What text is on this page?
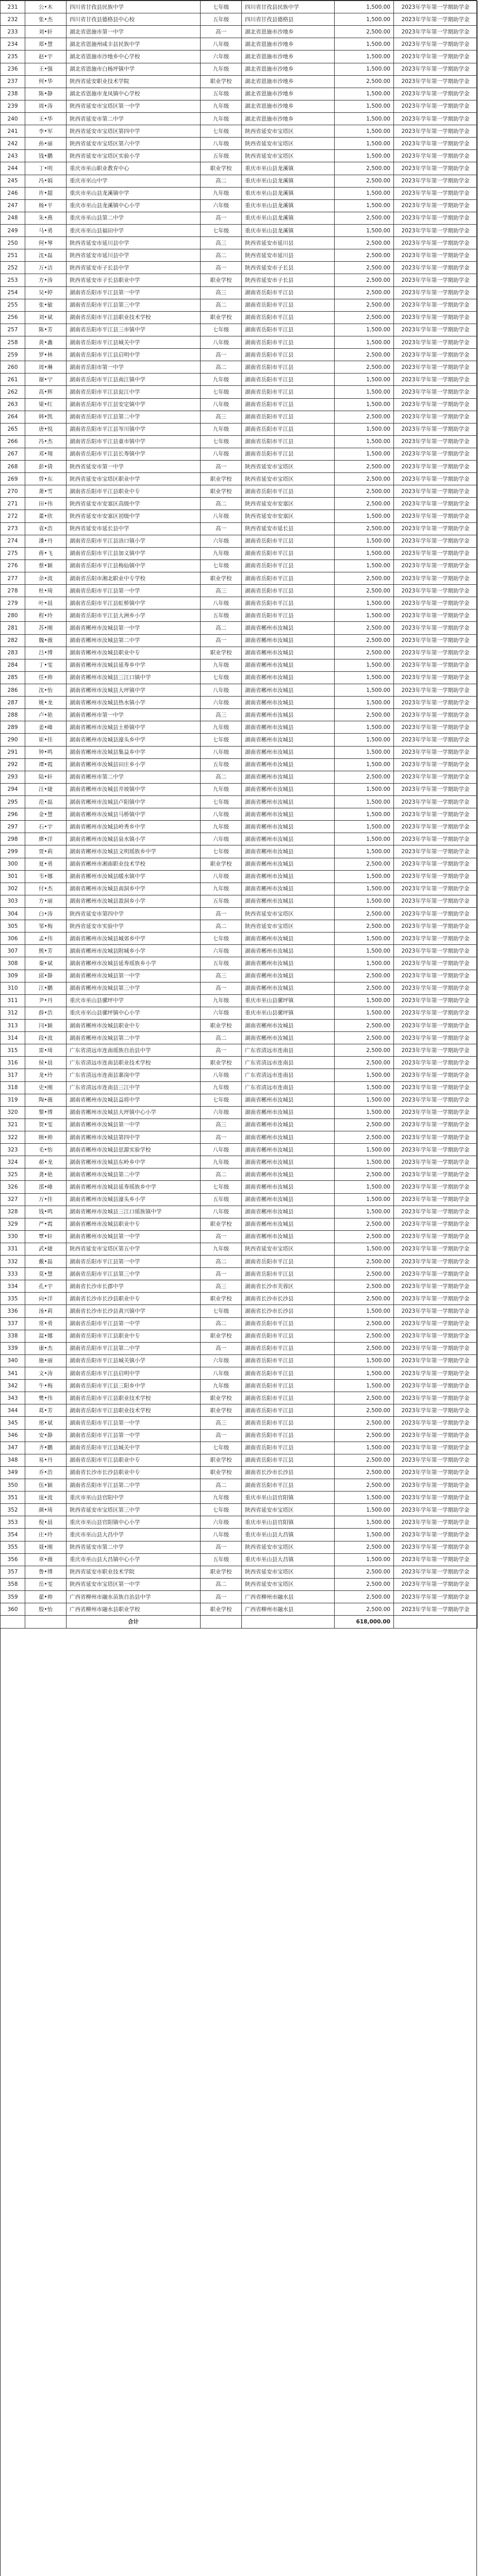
231	公•木	四川省甘孜县民族中学	七年级	四川省甘孜县民族中学	1,500.00	2023年学年第一学期助学金
232	张•杰	四川省甘孜县德格县中心校	五年级	四川省甘孜县德格县	1,500.00	2023年学年第一学期助学金
233	刘•轩	湖北省恩施市第一中学	高一	湖北省恩施市沙地乡	2,500.00	2023年学年第一学期助学金
234	郑•慧	湖北省恩施州咸丰县民族中学	八年级	湖北省恩施市沙地乡	1,500.00	2023年学年第一学期助学金
235	赵•宇	湖北省恩施市沙地乡中心学校	六年级	湖北省恩施市沙地乡	1,500.00	2023年学年第一学期助学金
236	王•强	湖北省恩施市白杨坪镇中学	九年级	湖北省恩施市沙地乡	1,500.00	2023年学年第一学期助学金
237	何•华	陕西省延安职业技术学院	职业学校	湖北省恩施市沙地乡	2,500.00	2023年学年第一学期助学金
238	陈•静	湖北省恩施市龙凤镇中心学校	五年级	湖北省恩施市沙地乡	1,500.00	2023年学年第一学期助学金
239	周•涛	陕西省延安市宝塔区第一中学	九年级	湖北省恩施市沙地乡	1,500.00	2023年学年第一学期助学金
240	王•华	陕西省延安市第二中学	九年级	湖北省恩施市沙地乡	1,500.00	2023年学年第一学期助学金
241	李•军	陕西省延安市宝塔区第四中学	七年级	陕西省延安市宝塔区	1,500.00	2023年学年第一学期助学金
242	孙•丽	陕西省延安市宝塔区第六中学	八年级	陕西省延安市宝塔区	1,500.00	2023年学年第一学期助学金
243	钱•鹏	陕西省延安市宝塔区实验小学	五年级	陕西省延安市宝塔区	1,500.00	2023年学年第一学期助学金
244	丁•明	重庆市巫山职业教育中心	职业学校	重庆市巫山县龙溪镇	2,500.00	2023年学年第一学期助学金
245	冯•娟	重庆市巫山中学	高二	重庆市巫山县龙溪镇	2,500.00	2023年学年第一学期助学金
246	许•超	重庆市巫山县龙溪镇中学	九年级	重庆市巫山县龙溪镇	1,500.00	2023年学年第一学期助学金
247	杨•平	重庆市巫山县龙溪镇中心小学	六年级	重庆市巫山县龙溪镇	1,500.00	2023年学年第一学期助学金
248	朱•燕	重庆市巫山县第二中学	高一	重庆市巫山县龙溪镇	2,500.00	2023年学年第一学期助学金
249	马•勇	重庆市巫山县福田中学	七年级	重庆市巫山县龙溪镇	1,500.00	2023年学年第一学期助学金
250	何•琴	陕西省延安市延川县中学	高三	陕西省延安市延川县	2,500.00	2023年学年第一学期助学金
251	沈•磊	陕西省延安市延川县中学	高二	陕西省延安市延川县	2,500.00	2023年学年第一学期助学金
252	万•洁	陕西省延安市子长县中学	高一	陕西省延安市子长县	2,500.00	2023年学年第一学期助学金
253	方•涛	陕西省延安市子长县职业中学	职业学校	陕西省延安市子长县	2,500.00	2023年学年第一学期助学金
254	吴•婷	湖南省岳阳市平江县第一中学	高三	湖南省岳阳市平江县	2,500.00	2023年学年第一学期助学金
255	张•敏	湖南省岳阳市平江县第三中学	高二	湖南省岳阳市平江县	2,500.00	2023年学年第一学期助学金
256	刘•斌	湖南省岳阳市平江县职业技术学校	职业学校	湖南省岳阳市平江县	2,500.00	2023年学年第一学期助学金
257	陈•芳	湖南省岳阳市平江县三市镇中学	七年级	湖南省岳阳市平江县	1,500.00	2023年学年第一学期助学金
258	黄•鑫	湖南省岳阳市平江县城关中学	八年级	湖南省岳阳市平江县	1,500.00	2023年学年第一学期助学金
259	罗•林	湖南省岳阳市平江县启明中学	高一	湖南省岳阳市平江县	2,500.00	2023年学年第一学期助学金
260	周•琳	湖南省岳阳市第一中学	高二	湖南省岳阳市平江县	2,500.00	2023年学年第一学期助学金
261	谢•宁	湖南省岳阳市平江县南江镇中学	九年级	湖南省岳阳市平江县	1,500.00	2023年学年第一学期助学金
262	高•辉	湖南省岳阳市平江县瓮江中学	七年级	湖南省岳阳市平江县	1,500.00	2023年学年第一学期助学金
263	梁•红	湖南省岳阳市平江县安定镇中学	八年级	湖南省岳阳市平江县	1,500.00	2023年学年第一学期助学金
264	韩•凯	湖南省岳阳市平江县第二中学	高三	湖南省岳阳市平江县	2,500.00	2023年学年第一学期助学金
265	唐•悦	湖南省岳阳市平江县岑川镇中学	九年级	湖南省岳阳市平江县	1,500.00	2023年学年第一学期助学金
266	冯•杰	湖南省岳阳市平江县童市镇中学	七年级	湖南省岳阳市平江县	1,500.00	2023年学年第一学期助学金
267	邓•翔	湖南省岳阳市平江县长寿镇中学	八年级	湖南省岳阳市平江县	1,500.00	2023年学年第一学期助学金
268	彭•倩	陕西省延安市第一中学	高一	陕西省延安市宝塔区	2,500.00	2023年学年第一学期助学金
269	曾•东	陕西省延安市宝塔区职业中学	职业学校	陕西省延安市宝塔区	2,500.00	2023年学年第一学期助学金
270	萧•雪	湖南省岳阳市平江县职业中专	职业学校	湖南省岳阳市平江县	2,500.00	2023年学年第一学期助学金
271	田•伟	陕西省延安市安塞区高级中学	高二	陕西省延安市安塞区	2,500.00	2023年学年第一学期助学金
272	董•欣	陕西省延安市安塞区初级中学	八年级	陕西省延安市安塞区	1,500.00	2023年学年第一学期助学金
273	袁•浩	陕西省延安市延长县中学	高一	陕西省延安市延长县	2,500.00	2023年学年第一学期助学金
274	潘•丹	湖南省岳阳市平江县浯口镇小学	六年级	湖南省岳阳市平江县	1,500.00	2023年学年第一学期助学金
275	蒋•飞	湖南省岳阳市平江县加义镇中学	九年级	湖南省岳阳市平江县	1,500.00	2023年学年第一学期助学金
276	蔡•颖	湖南省岳阳市平江县梅仙镇中学	七年级	湖南省岳阳市平江县	1,500.00	2023年学年第一学期助学金
277	余•波	湖南省岳阳市湘北职业中专学校	职业学校	湖南省岳阳市平江县	2,500.00	2023年学年第一学期助学金
278	杜•琦	湖南省岳阳市平江县第一中学	高三	湖南省岳阳市平江县	2,500.00	2023年学年第一学期助学金
279	叶•晨	湖南省岳阳市平江县虹桥镇中学	八年级	湖南省岳阳市平江县	1,500.00	2023年学年第一学期助学金
280	程•玲	湖南省岳阳市平江县大洲乡小学	五年级	湖南省岳阳市平江县	1,500.00	2023年学年第一学期助学金
281	苏•刚	湖南省郴州市汝城县第一中学	高二	湖南省郴州市汝城县	2,500.00	2023年学年第一学期助学金
282	魏•薇	湖南省郴州市汝城县第二中学	高一	湖南省郴州市汝城县	2,500.00	2023年学年第一学期助学金
283	吕•博	湖南省郴州市汝城县职业中专	职业学校	湖南省郴州市汝城县	2,500.00	2023年学年第一学期助学金
284	丁•雯	湖南省郴州市汝城县延寿乡中学	九年级	湖南省郴州市汝城县	1,500.00	2023年学年第一学期助学金
285	任•帅	湖南省郴州市汝城县三江口镇中学	七年级	湖南省郴州市汝城县	1,500.00	2023年学年第一学期助学金
286	沈•怡	湖南省郴州市汝城县大坪镇中学	八年级	湖南省郴州市汝城县	1,500.00	2023年学年第一学期助学金
287	姚•龙	湖南省郴州市汝城县热水镇小学	六年级	湖南省郴州市汝城县	1,500.00	2023年学年第一学期助学金
288	卢•艳	湖南省郴州市第一中学	高三	湖南省郴州市汝城县	2,500.00	2023年学年第一学期助学金
289	姜•峰	湖南省郴州市汝城县土桥镇中学	九年级	湖南省郴州市汝城县	1,500.00	2023年学年第一学期助学金
290	崔•佳	湖南省郴州市汝城县濠头乡中学	七年级	湖南省郴州市汝城县	1,500.00	2023年学年第一学期助学金
291	钟•鸣	湖南省郴州市汝城县集益乡中学	八年级	湖南省郴州市汝城县	1,500.00	2023年学年第一学期助学金
292	谭•霞	湖南省郴州市汝城县田庄乡小学	五年级	湖南省郴州市汝城县	1,500.00	2023年学年第一学期助学金
293	陆•轩	湖南省郴州市第二中学	高二	湖南省郴州市汝城县	2,500.00	2023年学年第一学期助学金
294	汪•婕	湖南省郴州市汝城县井坡镇中学	九年级	湖南省郴州市汝城县	1,500.00	2023年学年第一学期助学金
295	范•磊	湖南省郴州市汝城县卢阳镇中学	七年级	湖南省郴州市汝城县	1,500.00	2023年学年第一学期助学金
296	金•慧	湖南省郴州市汝城县马桥镇中学	八年级	湖南省郴州市汝城县	1,500.00	2023年学年第一学期助学金
297	石•宇	湖南省郴州市汝城县岭秀乡中学	九年级	湖南省郴州市汝城县	1,500.00	2023年学年第一学期助学金
298	廖•洋	湖南省郴州市汝城县泉水镇小学	六年级	湖南省郴州市汝城县	1,500.00	2023年学年第一学期助学金
299	贾•莉	湖南省郴州市汝城县文明瑶族乡中学	七年级	湖南省郴州市汝城县	1,500.00	2023年学年第一学期助学金
300	夏•勇	湖南省郴州市湘南职业技术学校	职业学校	湖南省郴州市汝城县	2,500.00	2023年学年第一学期助学金
301	韦•娜	湖南省郴州市汝城县暖水镇中学	八年级	湖南省郴州市汝城县	1,500.00	2023年学年第一学期助学金
302	付•杰	湖南省郴州市汝城县南洞乡中学	九年级	湖南省郴州市汝城县	1,500.00	2023年学年第一学期助学金
303	方•丽	湖南省郴州市汝城县盈洞乡小学	五年级	湖南省郴州市汝城县	1,500.00	2023年学年第一学期助学金
304	白•涛	陕西省延安市第四中学	高一	陕西省延安市宝塔区	2,500.00	2023年学年第一学期助学金
305	邹•梅	陕西省延安市实验中学	高二	陕西省延安市宝塔区	2,500.00	2023年学年第一学期助学金
306	孟•伟	湖南省郴州市汝城县城郊乡中学	七年级	湖南省郴州市汝城县	1,500.00	2023年学年第一学期助学金
307	熊•芳	湖南省郴州市汝城县附城乡小学	六年级	湖南省郴州市汝城县	1,500.00	2023年学年第一学期助学金
308	秦•斌	湖南省郴州市汝城县延寿瑶族乡小学	五年级	湖南省郴州市汝城县	1,500.00	2023年学年第一学期助学金
309	邱•静	湖南省郴州市汝城县第一中学	高三	湖南省郴州市汝城县	2,500.00	2023年学年第一学期助学金
310	江•鹏	湖南省郴州市汝城县第三中学	高一	湖南省郴州市汝城县	2,500.00	2023年学年第一学期助学金
311	尹•丹	重庆市巫山县骡坪中学	九年级	重庆市巫山县骡坪镇	1,500.00	2023年学年第一学期助学金
312	薛•浩	重庆市巫山县骡坪镇中心小学	六年级	重庆市巫山县骡坪镇	1,500.00	2023年学年第一学期助学金
313	闫•颖	湖南省郴州市汝城县职业中专	职业学校	湖南省郴州市汝城县	2,500.00	2023年学年第一学期助学金
314	段•波	湖南省郴州市汝城县第二中学	高二	湖南省郴州市汝城县	2,500.00	2023年学年第一学期助学金
315	雷•琦	广东省清远市连南瑶族自治县中学	高一	广东省清远市连南县	2,500.00	2023年学年第一学期助学金
316	侯•晨	广东省清远市连南县职业技术学校	职业学校	广东省清远市连南县	2,500.00	2023年学年第一学期助学金
317	龙•玲	广东省清远市连南县寨岗中学	八年级	广东省清远市连南县	1,500.00	2023年学年第一学期助学金
318	史•刚	广东省清远市连南县三江中学	九年级	广东省清远市连南县	1,500.00	2023年学年第一学期助学金
319	陶•薇	湖南省郴州市汝城县益将中学	七年级	湖南省郴州市汝城县	1,500.00	2023年学年第一学期助学金
320	黎•博	湖南省郴州市汝城县大坪镇中心小学	六年级	湖南省郴州市汝城县	1,500.00	2023年学年第一学期助学金
321	贺•雯	湖南省郴州市汝城县第一中学	高三	湖南省郴州市汝城县	2,500.00	2023年学年第一学期助学金
322	顾•帅	湖南省郴州市汝城县第四中学	高一	湖南省郴州市汝城县	2,500.00	2023年学年第一学期助学金
323	毛•怡	湖南省郴州市汝城县思源实验学校	八年级	湖南省郴州市汝城县	1,500.00	2023年学年第一学期助学金
324	郝•龙	湖南省郴州市汝城县东岭乡中学	九年级	湖南省郴州市汝城县	1,500.00	2023年学年第一学期助学金
325	龚•艳	湖南省郴州市汝城县第二中学	高二	湖南省郴州市汝城县	2,500.00	2023年学年第一学期助学金
326	邵•峰	湖南省郴州市汝城县延寿瑶族乡中学	七年级	湖南省郴州市汝城县	1,500.00	2023年学年第一学期助学金
327	万•佳	湖南省郴州市汝城县濠头乡小学	五年级	湖南省郴州市汝城县	1,500.00	2023年学年第一学期助学金
328	钱•鸣	湖南省郴州市汝城县三江口瑶族镇中学	八年级	湖南省郴州市汝城县	1,500.00	2023年学年第一学期助学金
329	严•霞	湖南省郴州市汝城县职业中专	职业学校	湖南省郴州市汝城县	2,500.00	2023年学年第一学期助学金
330	覃•轩	湖南省郴州市汝城县第一中学	高一	湖南省郴州市汝城县	2,500.00	2023年学年第一学期助学金
331	武•婕	陕西省延安市宝塔区第五中学	九年级	陕西省延安市宝塔区	1,500.00	2023年学年第一学期助学金
332	戴•磊	湖南省岳阳市平江县第一中学	高二	湖南省岳阳市平江县	2,500.00	2023年学年第一学期助学金
333	莫•慧	湖南省岳阳市平江县第三中学	高一	湖南省岳阳市平江县	2,500.00	2023年学年第一学期助学金
334	孔•宇	湖南省长沙市长郡中学	高三	湖南省长沙市芙蓉区	2,500.00	2023年学年第一学期助学金
335	向•洋	湖南省长沙市长沙县职业中专	职业学校	湖南省长沙市长沙县	2,500.00	2023年学年第一学期助学金
336	汤•莉	湖南省长沙市长沙县黄兴镇中学	七年级	湖南省长沙市长沙县	1,500.00	2023年学年第一学期助学金
337	常•勇	湖南省岳阳市平江县第一中学	高二	湖南省岳阳市平江县	2,500.00	2023年学年第一学期助学金
338	温•娜	湖南省岳阳市平江县职业中专	职业学校	湖南省岳阳市平江县	2,500.00	2023年学年第一学期助学金
339	康•杰	湖南省岳阳市平江县第二中学	高一	湖南省岳阳市平江县	2,500.00	2023年学年第一学期助学金
340	施•丽	湖南省岳阳市平江县城关镇小学	六年级	湖南省岳阳市平江县	1,500.00	2023年学年第一学期助学金
341	文•涛	湖南省岳阳市平江县启明中学	八年级	湖南省岳阳市平江县	1,500.00	2023年学年第一学期助学金
342	牛•梅	湖南省岳阳市平江县三阳乡中学	九年级	湖南省岳阳市平江县	1,500.00	2023年学年第一学期助学金
343	樊•伟	湖南省岳阳市平江县职业技术学校	职业学校	湖南省岳阳市平江县	2,500.00	2023年学年第一学期助学金
344	葛•芳	湖南省岳阳市平江县职业技术学校	职业学校	湖南省岳阳市平江县	2,500.00	2023年学年第一学期助学金
345	邢•斌	湖南省岳阳市平江县第一中学	高三	湖南省岳阳市平江县	2,500.00	2023年学年第一学期助学金
346	安•静	湖南省岳阳市平江县第一中学	高一	湖南省岳阳市平江县	2,500.00	2023年学年第一学期助学金
347	齐•鹏	湖南省岳阳市平江县城关中学	七年级	湖南省岳阳市平江县	1,500.00	2023年学年第一学期助学金
348	易•丹	湖南省岳阳市平江县职业中专	职业学校	湖南省岳阳市平江县	2,500.00	2023年学年第一学期助学金
349	乔•浩	湖南省长沙市长沙县职业中专	职业学校	湖南省长沙市长沙县	2,500.00	2023年学年第一学期助学金
350	伍•颖	湖南省岳阳市平江县第二中学	高二	湖南省岳阳市平江县	2,500.00	2023年学年第一学期助学金
351	庞•波	重庆市巫山县官阳中学	九年级	重庆市巫山县官阳镇	1,500.00	2023年学年第一学期助学金
352	颜•琦	陕西省延安市宝塔区第三中学	七年级	陕西省延安市宝塔区	1,500.00	2023年学年第一学期助学金
353	倪•晨	重庆市巫山县官阳镇中心小学	六年级	重庆市巫山县官阳镇	1,500.00	2023年学年第一学期助学金
354	庄•玲	重庆市巫山县大昌中学	八年级	重庆市巫山县大昌镇	1,500.00	2023年学年第一学期助学金
355	聂•刚	陕西省延安市第二中学	高一	陕西省延安市宝塔区	2,500.00	2023年学年第一学期助学金
356	章•薇	重庆市巫山县大昌镇中心小学	五年级	重庆市巫山县大昌镇	1,500.00	2023年学年第一学期助学金
357	鲁•博	陕西省延安市职业技术学院	职业学校	陕西省延安市宝塔区	2,500.00	2023年学年第一学期助学金
358	岳•雯	陕西省延安市宝塔区第一中学	高二	陕西省延安市宝塔区	2,500.00	2023年学年第一学期助学金
359	翟•帅	广西省柳州市融水苗族自治县中学	高一	广西省柳州市融水县	2,500.00	2023年学年第一学期助学金
360	殷•怡	广西省柳州市融水县职业学校	职业学校	广西省柳州市融水县	2,500.00	2023年学年第一学期助学金
		合计			618,000.00	
